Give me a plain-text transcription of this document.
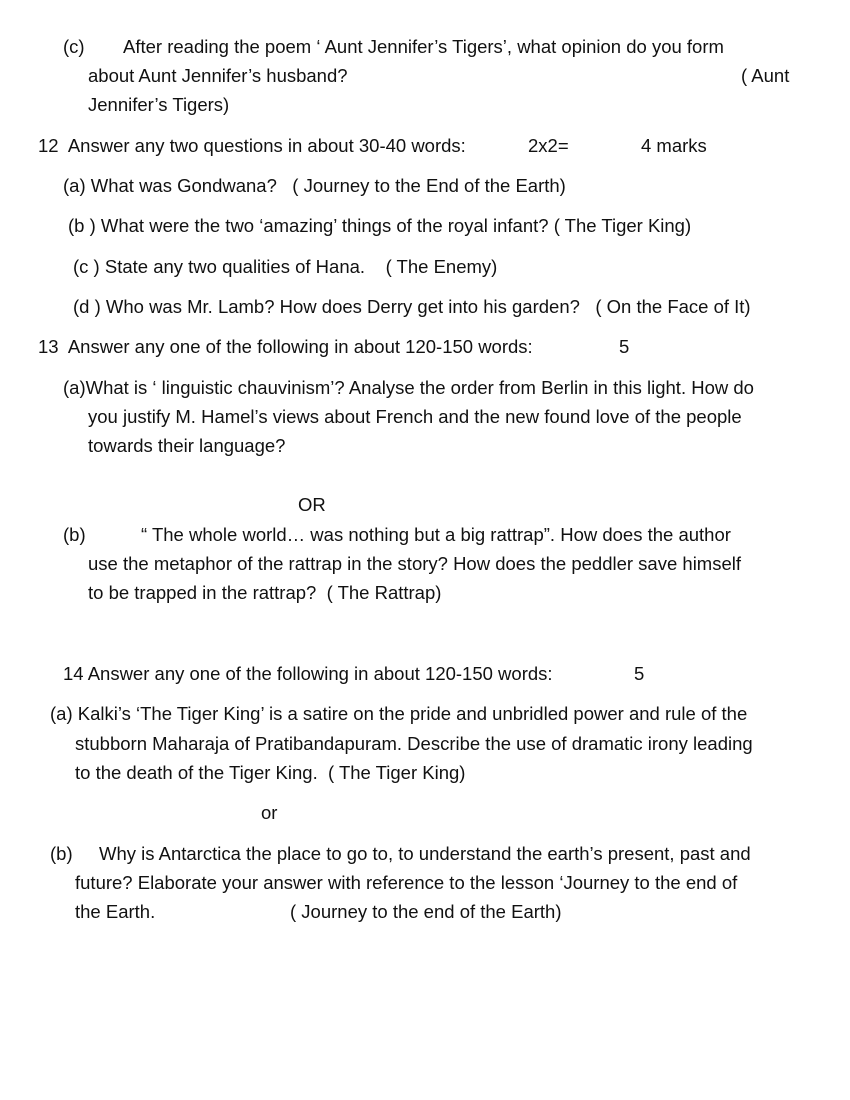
(c) After reading the poem ‘ Aunt Jennifer’s Tigers’, what opinion do you form
about Aunt Jennifer’s husband?	( Aunt
Jennifer’s Tigers)
12  Answer any two questions in about 30-40 words:	2x2=	4 marks
(a) What was Gondwana?   ( Journey to the End of the Earth)
(b ) What were the two ‘amazing’ things of the royal infant? ( The Tiger King)
(c ) State any two qualities of Hana.    ( The Enemy)
(d ) Who was Mr. Lamb? How does Derry get into his garden?   ( On the Face of It)
13  Answer any one of the following in about 120-150 words:	5
(a)What is ‘ linguistic chauvinism’? Analyse the order from Berlin in this light. How do
you justify M. Hamel’s views about French and the new found love of the people
towards their language?
OR
(b)	“ The whole world… was nothing but a big rattrap”. How does the author
use the metaphor of the rattrap in the story? How does the peddler save himself
to be trapped in the rattrap?  ( The Rattrap)
14 Answer any one of the following in about 120-150 words:	5
(a) Kalki’s ‘The Tiger King’ is a satire on the pride and unbridled power and rule of the
stubborn Maharaja of Pratibandapuram. Describe the use of dramatic irony leading
to the death of the Tiger King.  ( The Tiger King)
or
(b) Why is Antarctica the place to go to, to understand the earth’s present, past and
future? Elaborate your answer with reference to the lesson ‘Journey to the end of
the Earth.	( Journey to the end of the Earth)
